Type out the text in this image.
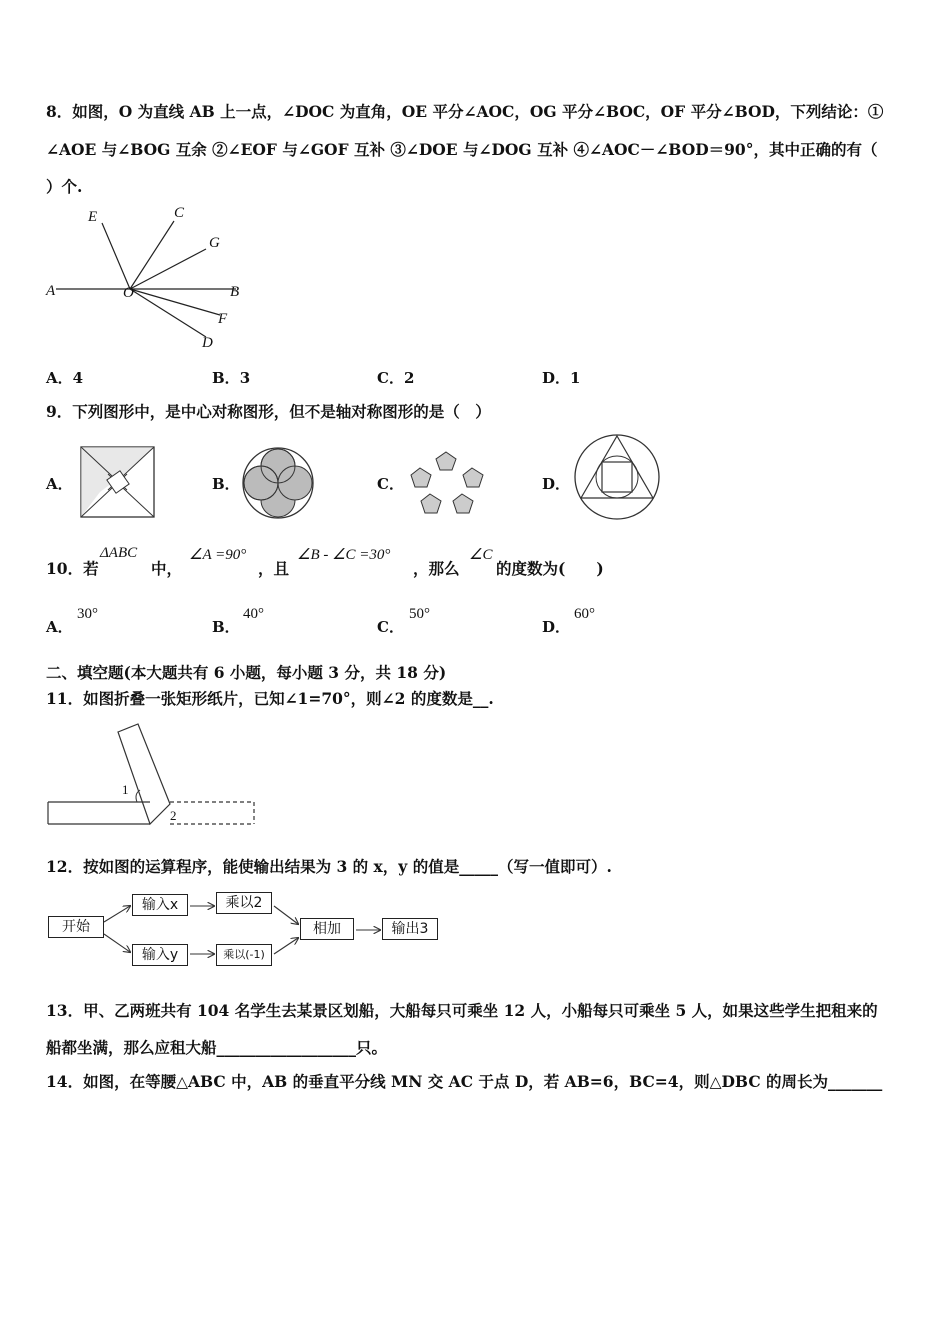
8．如图，O 为直线 AB 上一点，∠DOC 为直角，OE 平分∠AOC，OG 平分∠BOC，OF 平分∠BOD，下列结论：①
∠AOE 与∠BOG 互余 ②∠EOF 与∠GOF 互补 ③∠DOE 与∠DOG 互补 ④∠AOC－∠BOD＝90°，其中正确的有（
）个.
E	C
G
A	O	B
F
D
A．4	B．3	C．2	D．1
9．下列图形中，是中心对称图形，但不是轴对称图形的是（　）
A．	B．	C．	D．
10．若
ΔABC
中，
∠A =90°
，且
∠B - ∠C =30°
，那么
∠C
的度数为(　　)
A．
30°
B．
40°
C．
50°
D．
60°
二、填空题(本大题共有 6 小题，每小题 3 分，共 18 分)
11．如图折叠一张矩形纸片，已知∠1=70°，则∠2 的度数是__.
1
2
12．按如图的运算程序，能使输出结果为 3 的 x，y 的值是_____（写一值即可）.
开始
输入x	乘以2
输入y	乘以(-1)
相加	输出3
13．甲、乙两班共有 104 名学生去某景区划船，大船每只可乘坐 12 人，小船每只可乘坐 5 人，如果这些学生把租来的
船都坐满，那么应租大船__________________只。
14．如图，在等腰△ABC 中，AB 的垂直平分线 MN 交 AC 于点 D，若 AB=6，BC=4，则△DBC 的周长为_______
